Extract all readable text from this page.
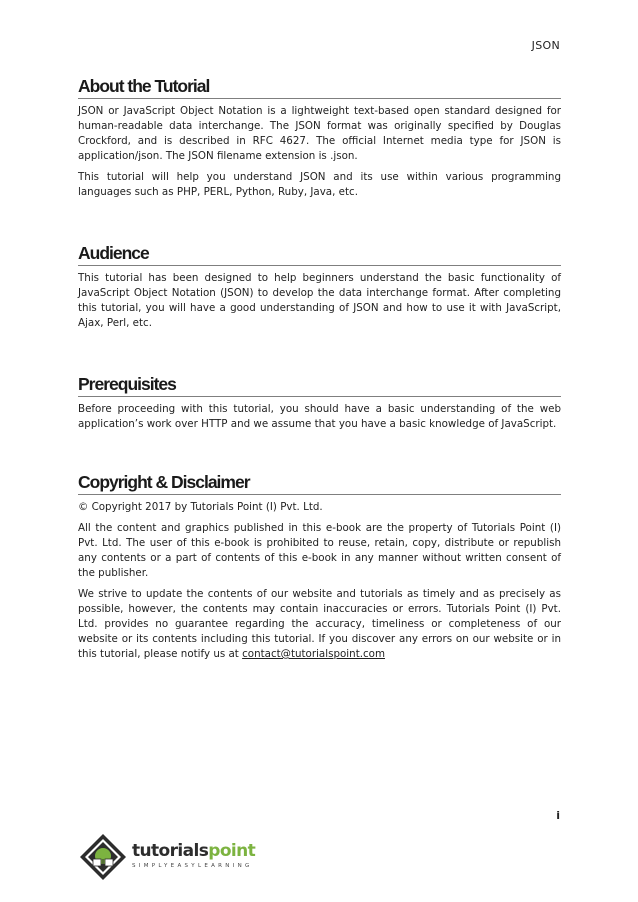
JSON
About the Tutorial

JSON or JavaScript Object Notation is a lightweight text-based open standard designed for human-readable data interchange. The JSON format was originally specified by Douglas Crockford, and is described in RFC 4627. The official Internet media type for JSON is application/json. The JSON filename extension is .json.

This tutorial will help you understand JSON and its use within various programming languages such as PHP, PERL, Python, Ruby, Java, etc.

Audience

This tutorial has been designed to help beginners understand the basic functionality of JavaScript Object Notation (JSON) to develop the data interchange format. After completing this tutorial, you will have a good understanding of JSON and how to use it with JavaScript, Ajax, Perl, etc.

Prerequisites

Before proceeding with this tutorial, you should have a basic understanding of the web application’s work over HTTP and we assume that you have a basic knowledge of JavaScript.

Copyright & Disclaimer

© Copyright 2017 by Tutorials Point (I) Pvt. Ltd.

All the content and graphics published in this e-book are the property of Tutorials Point (I) Pvt. Ltd. The user of this e-book is prohibited to reuse, retain, copy, distribute or republish any contents or a part of contents of this e-book in any manner without written consent of the publisher.

We strive to update the contents of our website and tutorials as timely and as precisely as possible, however, the contents may contain inaccuracies or errors. Tutorials Point (I) Pvt. Ltd. provides no guarantee regarding the accuracy, timeliness or completeness of our website or its contents including this tutorial. If you discover any errors on our website or in this tutorial, please notify us at contact@tutorialspoint.com

i
tutorialspoint
SIMPLYEASYLEARNING
